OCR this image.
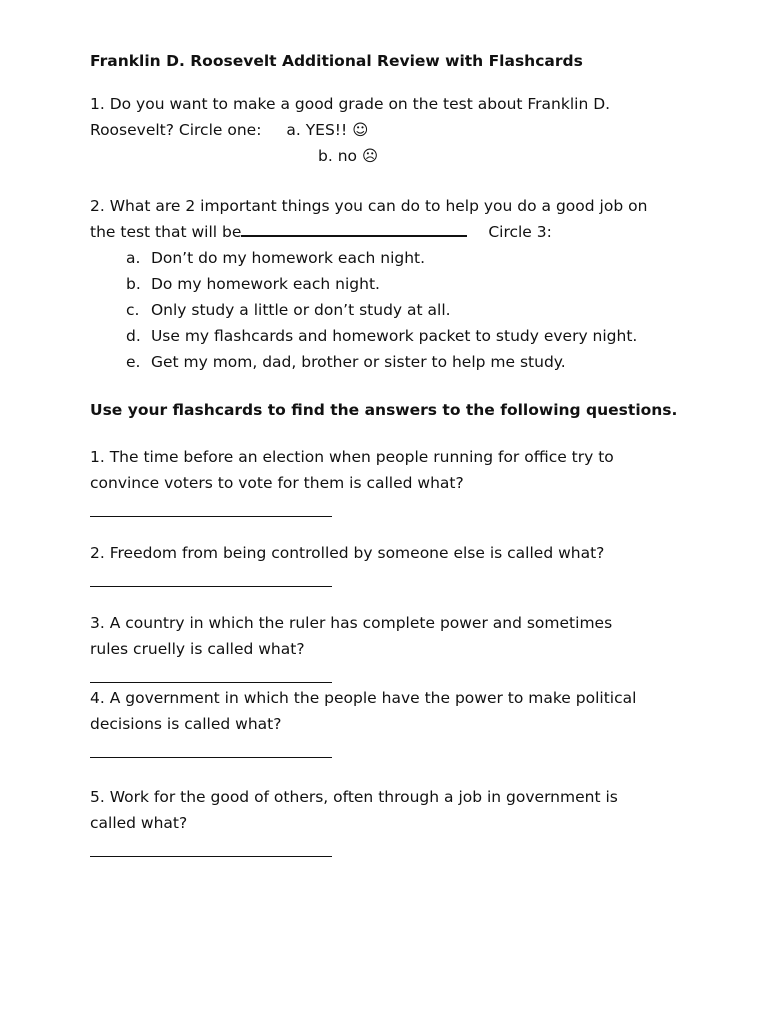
Franklin D. Roosevelt Additional Review with Flashcards

1. Do you want to make a good grade on the test about Franklin D.

Roosevelt? Circle one: a. YES!! ☺

b. no ☹

2. What are 2 important things you can do to help you do a good job on

the test that will be	Circle 3:

a. Don’t do my homework each night.
b. Do my homework each night.
c. Only study a little or don’t study at all.
d. Use my flashcards and homework packet to study every night.
e. Get my mom, dad, brother or sister to help me study.

Use your flashcards to find the answers to the following questions.

1. The time before an election when people running for office try to

convince voters to vote for them is called what?

2. Freedom from being controlled by someone else is called what?

3. A country in which the ruler has complete power and sometimes

rules cruelly is called what?

4. A government in which the people have the power to make political

decisions is called what?

5. Work for the good of others, often through a job in government is

called what?
